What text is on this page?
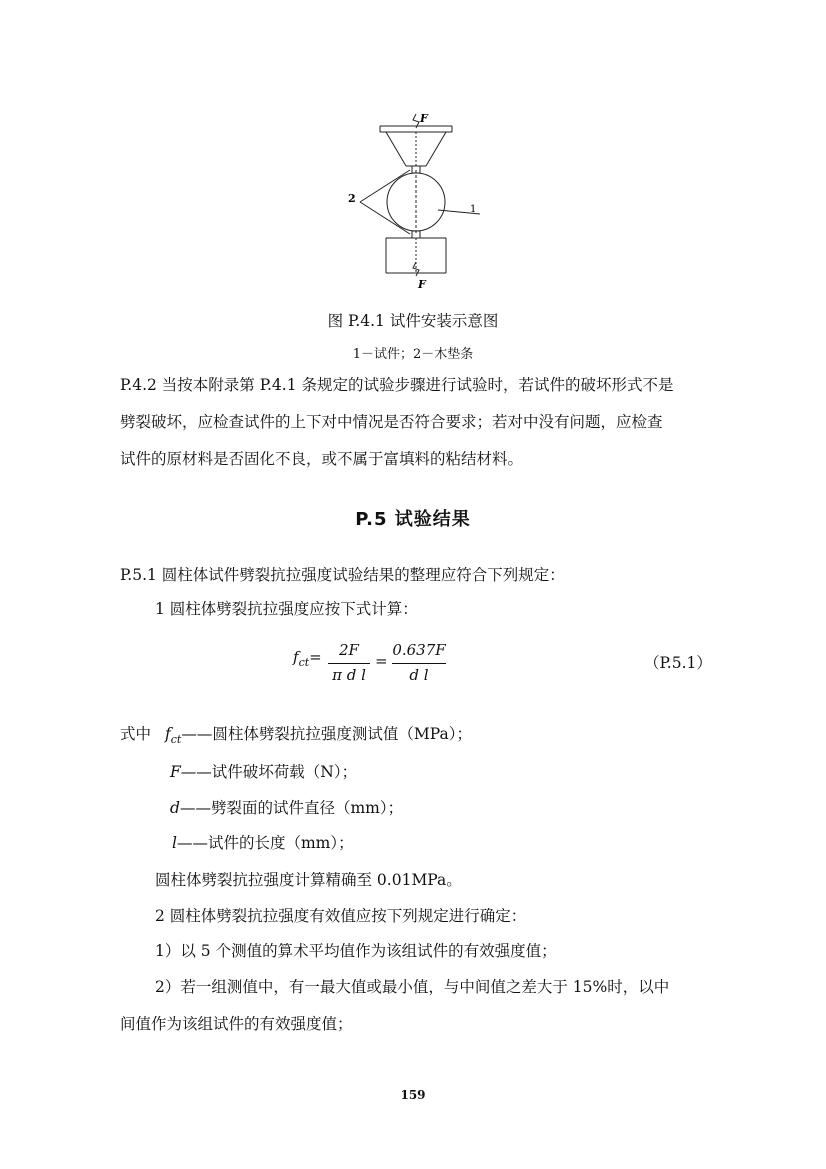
F
F
2
1
图 P.4.1 试件安装示意图
1－试件；2－木垫条
P.4.2 当按本附录第 P.4.1 条规定的试验步骤进行试验时，若试件的破坏形式不是
劈裂破坏，应检查试件的上下对中情况是否符合要求；若对中没有问题，应检查
试件的原材料是否固化不良，或不属于富填料的粘结材料。
P.5 试验结果
P.5.1 圆柱体试件劈裂抗拉强度试验结果的整理应符合下列规定：
1 圆柱体劈裂抗拉强度应按下式计算：
$f_{ct}=$	2F
π d l
=
0.637F
d l
（P.5.1）
式中 $f_{ct}——$圆柱体劈裂抗拉强度测试值（MPa）；
F——试件破坏荷载（N）；
d——劈裂面的试件直径（mm）；
l——试件的长度（mm）；
圆柱体劈裂抗拉强度计算精确至 0.01MPa。
2 圆柱体劈裂抗拉强度有效值应按下列规定进行确定：
1）以 5 个测值的算术平均值作为该组试件的有效强度值；
2）若一组测值中，有一最大值或最小值，与中间值之差大于 15%时，以中
间值作为该组试件的有效强度值；
159
